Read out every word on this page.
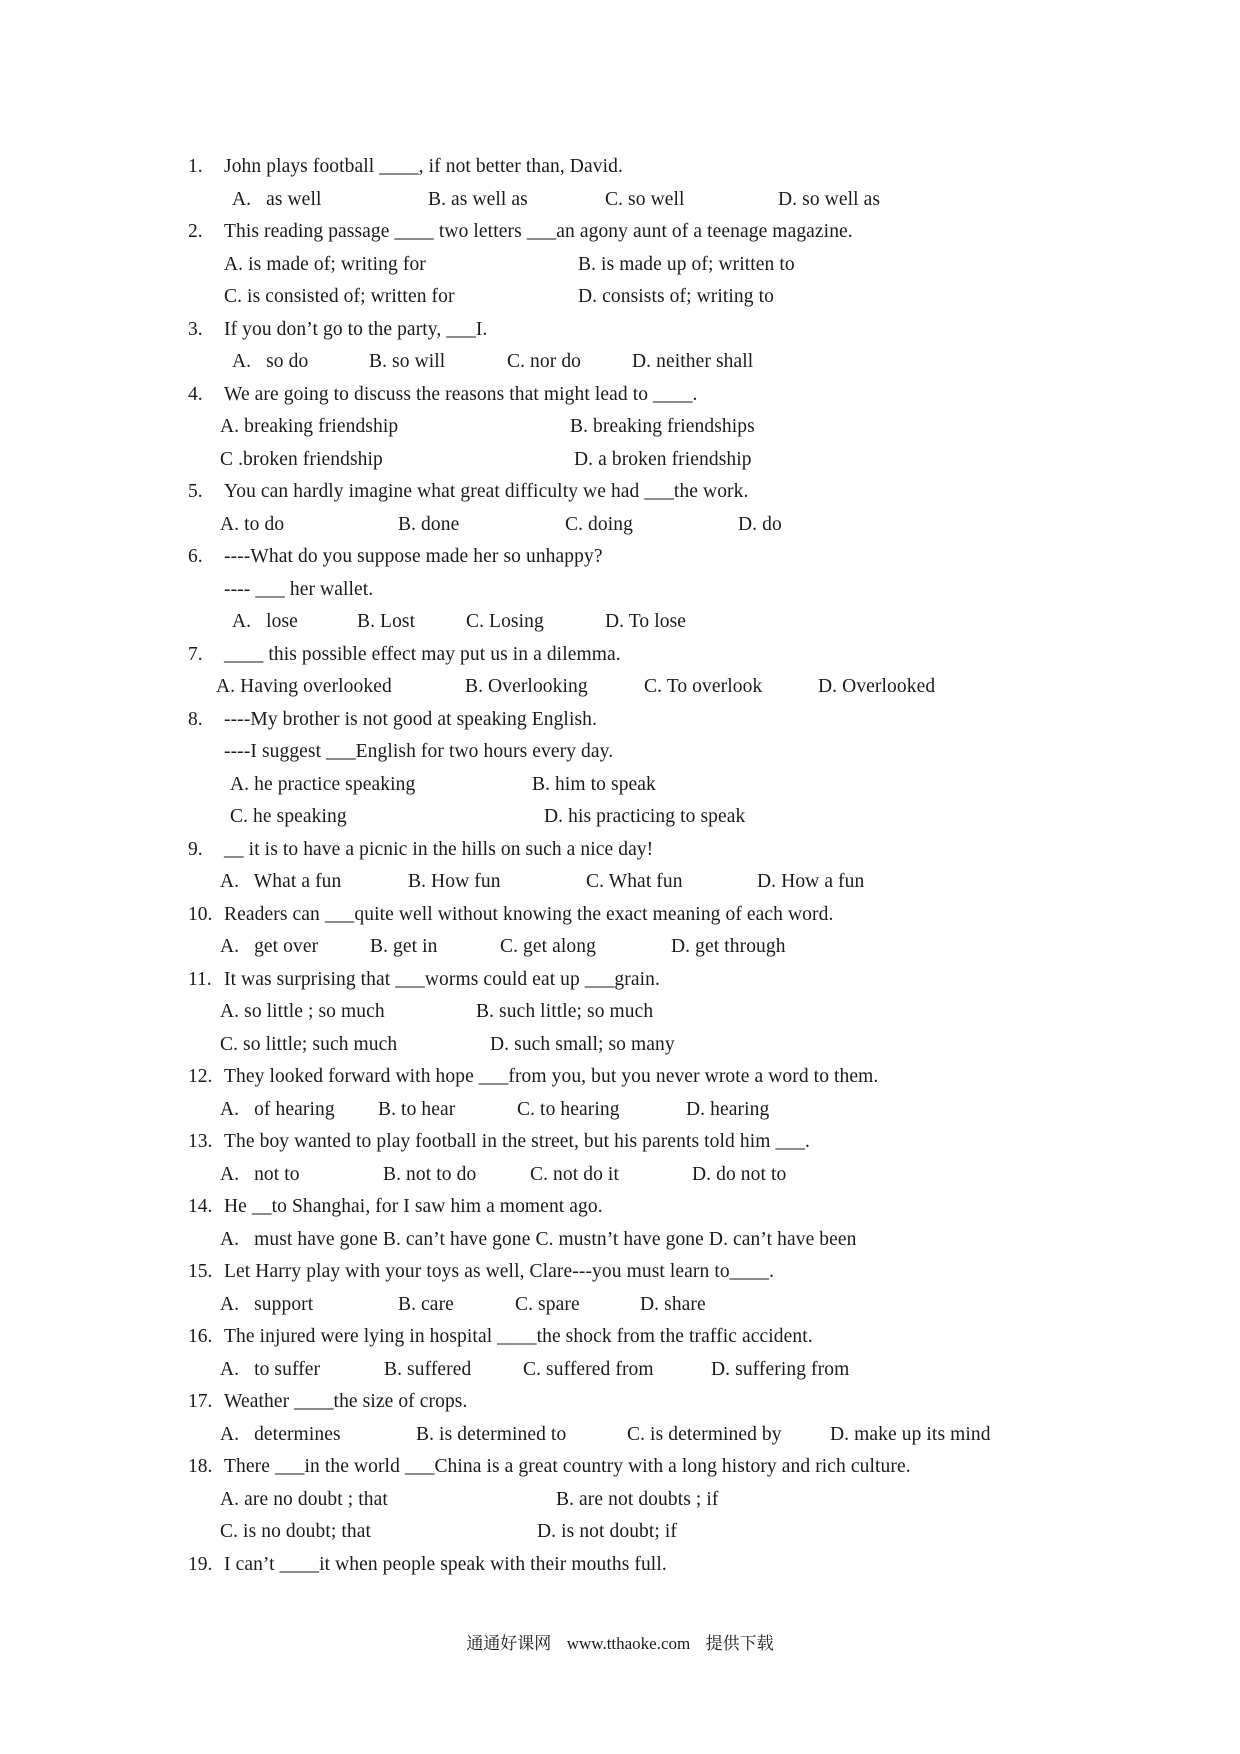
1. John plays football ____, if not better than, David.
A.   as well	B. as well as	C. so well	D. so well as
2. This reading passage ____ two letters ___an agony aunt of a teenage magazine.
A. is made of; writing for	B. is made up of; written to
C. is consisted of; written for	D. consists of; writing to
3. If you don’t go to the party, ___I.
A.   so do	B. so will	C. nor do	D. neither shall
4. We are going to discuss the reasons that might lead to ____.
A. breaking friendship	B. breaking friendships
C .broken friendship	D. a broken friendship
5. You can hardly imagine what great difficulty we had ___the work.
A. to do	B. done	C. doing	D. do
6. ----What do you suppose made her so unhappy?
---- ___ her wallet.
A.   lose	B. Lost	C. Losing	D. To lose
7. ____ this possible effect may put us in a dilemma.
A. Having overlooked	B. Overlooking	C. To overlook	D. Overlooked
8. ----My brother is not good at speaking English.
----I suggest ___English for two hours every day.
A. he practice speaking	B. him to speak
C. he speaking	D. his practicing to speak
9. __ it is to have a picnic in the hills on such a nice day!
A.   What a fun	B. How fun	C. What fun	D. How a fun
10. Readers can ___quite well without knowing the exact meaning of each word.
A.   get over	B. get in	C. get along	D. get through
11. It was surprising that ___worms could eat up ___grain.
A. so little ; so much	B. such little; so much
C. so little; such much	D. such small; so many
12. They looked forward with hope ___from you, but you never wrote a word to them.
A.   of hearing B. to hear	C. to hearing	D. hearing
13. The boy wanted to play football in the street, but his parents told him ___.
A.   not to	B. not to do	C. not do it	D. do not to
14. He __to Shanghai, for I saw him a moment ago.
A.   must have gone B. can’t have gone C. mustn’t have gone D. can’t have been
15. Let Harry play with your toys as well, Clare---you must learn to____.
A.   support	B. care	C. spare	D. share
16. The injured were lying in hospital ____the shock from the traffic accident.
A.   to suffer	B. suffered	C. suffered from	D. suffering from
17. Weather ____the size of crops.
A.   determines	B. is determined to	C. is determined by D. make up its mind
18. There ___in the world ___China is a great country with a long history and rich culture.
A. are no doubt ; that	B. are not doubts ; if
C. is no doubt; that	D. is not doubt; if
19. I can’t ____it when people speak with their mouths full.
通通好课网 www.tthaoke.com 提供下载
